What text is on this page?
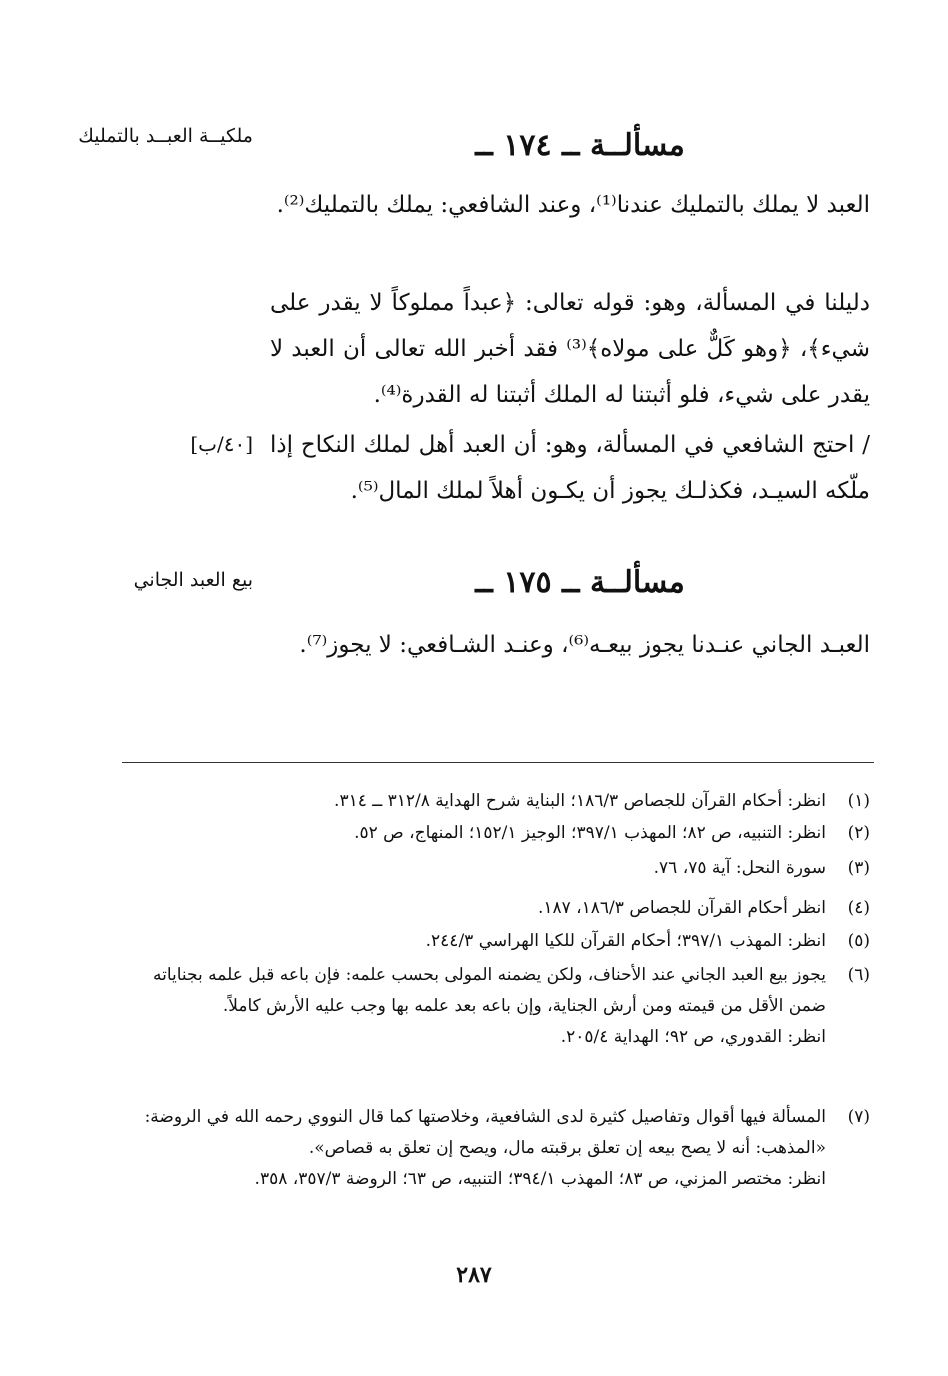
مسألــة ــ ١٧٤ ــ
ملكيــة العبــد بالتمليك
العبد لا يملك بالتمليك عندنا⁽¹⁾، وعند الشافعي: يملك بالتمليك⁽²⁾.
دليلنا في المسألة، وهو: قوله تعالى: ﴿عبداً مملوكاً لا يقدر على شيء﴾، ﴿وهو كَلٌّ على مولاه﴾⁽³⁾ فقد أخبر الله تعالى أن العبد لا يقدر على شيء، فلو أثبتنا له الملك أثبتنا له القدرة⁽⁴⁾.
[٤٠/ب] / احتج الشافعي في المسألة، وهو: أن العبد أهل لملك النكاح إذا ملّكه السيـد، فكذلـك يجوز أن يكـون أهلاً لملك المال⁽⁵⁾.
مسألــة ــ ١٧٥ ــ
بيع العبد الجاني
العبـد الجاني عنـدنا يجوز بيعـه⁽⁶⁾، وعنـد الشـافعي: لا يجوز⁽⁷⁾.
(١)
انظر: أحكام القرآن للجصاص ١٨٦/٣؛ البناية شرح الهداية ٣١٢/٨ ــ ٣١٤.
(٢)
انظر: التنبيه، ص ٨٢؛ المهذب ٣٩٧/١؛ الوجيز ١٥٢/١؛ المنهاج، ص ٥٢.
(٣)
سورة النحل: آية ٧٥، ٧٦.
(٤)
انظر أحكام القرآن للجصاص ١٨٦/٣، ١٨٧.
(٥)
انظر: المهذب ٣٩٧/١؛ أحكام القرآن للكيا الهراسي ٢٤٤/٣.
(٦)
يجوز بيع العبد الجاني عند الأحناف، ولكن يضمنه المولى بحسب علمه: فإن باعه قبل علمه بجناياته ضمن الأقل من قيمته ومن أرش الجناية، وإن باعه بعد علمه بها وجب عليه الأرش كاملاً.
انظر: القدوري، ص ٩٢؛ الهداية ٢٠٥/٤.
(٧)
المسألة فيها أقوال وتفاصيل كثيرة لدى الشافعية، وخلاصتها كما قال النووي رحمه الله في الروضة: «المذهب: أنه لا يصح بيعه إن تعلق برقبته مال، ويصح إن تعلق به قصاص».
انظر: مختصر المزني، ص ٨٣؛ المهذب ٣٩٤/١؛ التنبيه، ص ٦٣؛ الروضة ٣٥٧/٣، ٣٥٨.
٢٨٧
